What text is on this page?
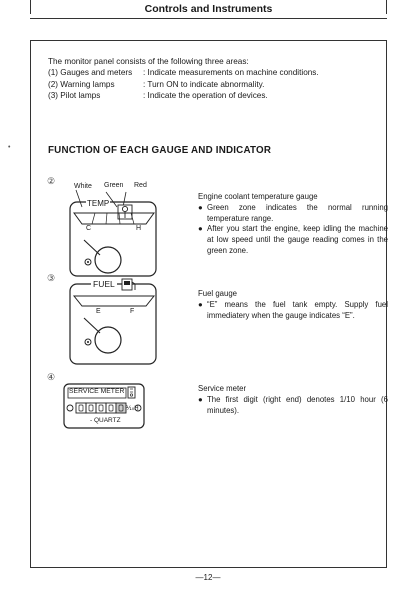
Controls and Instruments
•
The monitor panel consists of the following three areas:
(1) Gauges and meters : Indicate measurements on machine conditions.
(2) Warning lamps	: Turn ON to indicate abnormality.
(3) Pilot lamps	: Indicate the operation of devices.
FUNCTION OF EACH GAUGE AND INDICATOR
②
White Green Red
TEMP
C	H
Engine coolant temperature gauge
● Green zone indicates the normal running temperature range.
● After you start the engine, keep idling the machine at low speed until the gauge reading comes in the green zone.
③
FUEL
E	F
Fuel gauge
● “E” means the fuel tank empty. Supply fuel immediatery when the gauge indicates “E”.
④
SERVICE METER
⅒H
- QUARTZ
Service meter
● The first digit (right end) denotes 1/10 hour (6 minutes).
—12—
